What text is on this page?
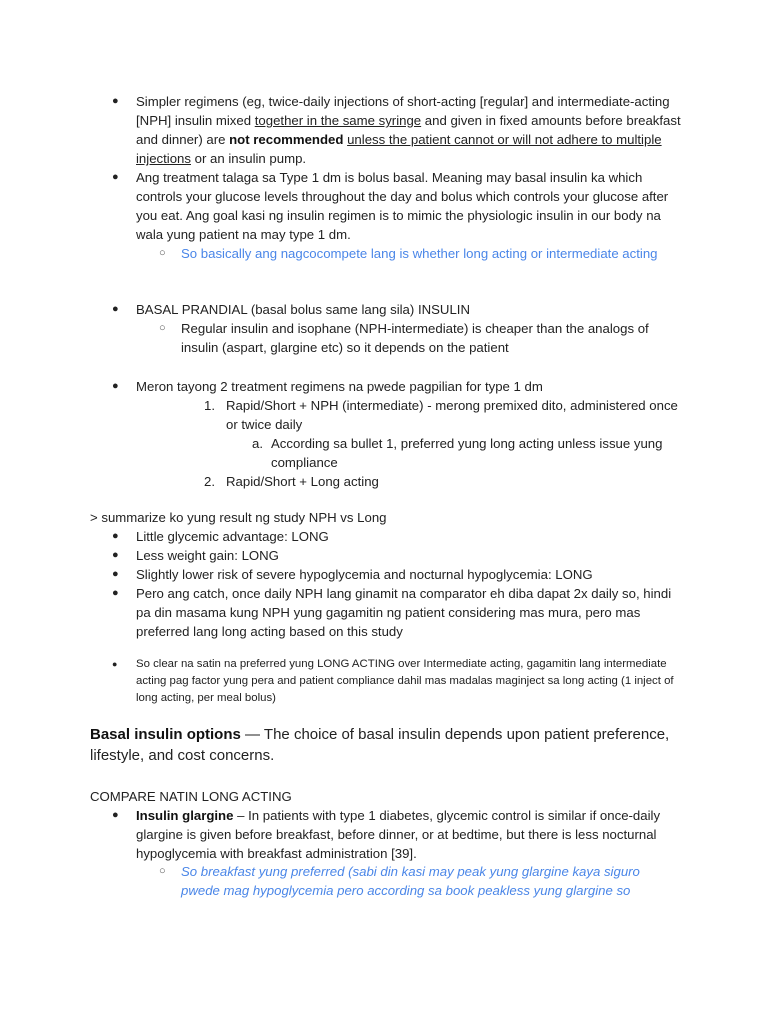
● Simpler regimens (eg, twice-daily injections of short-acting [regular] and intermediate-acting [NPH] insulin mixed together in the same syringe and given in fixed amounts before breakfast and dinner) are not recommended unless the patient cannot or will not adhere to multiple injections or an insulin pump.
● Ang treatment talaga sa Type 1 dm is bolus basal. Meaning may basal insulin ka which controls your glucose levels throughout the day and bolus which controls your glucose after you eat. Ang goal kasi ng insulin regimen is to mimic the physiologic insulin in our body na wala yung patient na may type 1 dm.
○ So basically ang nagcocompete lang is whether long acting or intermediate acting
● BASAL PRANDIAL (basal bolus same lang sila) INSULIN
○ Regular insulin and isophane (NPH-intermediate) is cheaper than the analogs of insulin (aspart, glargine etc) so it depends on the patient
● Meron tayong 2 treatment regimens na pwede pagpilian for type 1 dm
1. Rapid/Short + NPH (intermediate) - merong premixed dito, administered once or twice daily
a. According sa bullet 1, preferred yung long acting unless issue yung compliance
2. Rapid/Short + Long acting
> summarize ko yung result ng study NPH vs Long
● Little glycemic advantage: LONG
● Less weight gain: LONG
● Slightly lower risk of severe hypoglycemia and nocturnal hypoglycemia: LONG
● Pero ang catch, once daily NPH lang ginamit na comparator eh diba dapat 2x daily so, hindi pa din masama kung NPH yung gagamitin ng patient considering mas mura, pero mas preferred lang long acting based on this study
● So clear na satin na preferred yung LONG ACTING over Intermediate acting, gagamitin lang intermediate acting pag factor yung pera and patient compliance dahil mas madalas maginject sa long acting (1 inject of long acting, per meal bolus)
Basal insulin options — The choice of basal insulin depends upon patient preference, lifestyle, and cost concerns.
COMPARE NATIN LONG ACTING
● Insulin glargine – In patients with type 1 diabetes, glycemic control is similar if once-daily glargine is given before breakfast, before dinner, or at bedtime, but there is less nocturnal hypoglycemia with breakfast administration [39].
○ So breakfast yung preferred (sabi din kasi may peak yung glargine kaya siguro pwede mag hypoglycemia pero according sa book peakless yung glargine so
